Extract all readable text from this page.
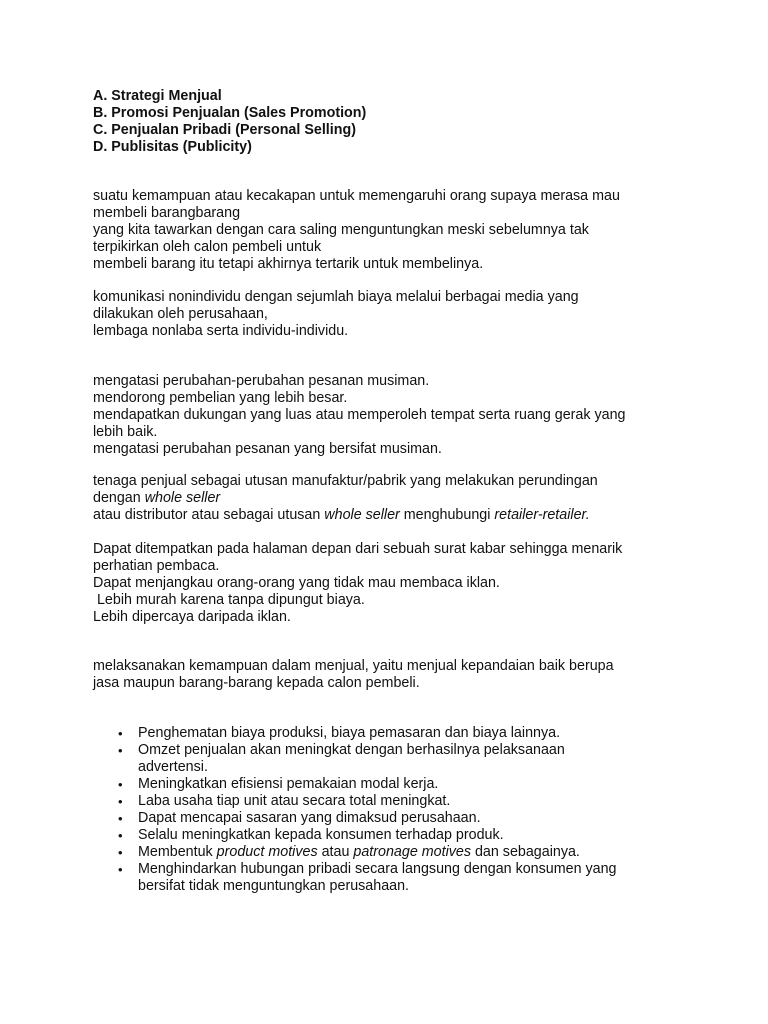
A. Strategi Menjual
B. Promosi Penjualan (Sales Promotion)
C. Penjualan Pribadi (Personal Selling)
D. Publisitas (Publicity)
suatu kemampuan atau kecakapan untuk memengaruhi orang supaya merasa mau
membeli barangbarang
yang kita tawarkan dengan cara saling menguntungkan meski sebelumnya tak
terpikirkan oleh calon pembeli untuk
membeli barang itu tetapi akhirnya tertarik untuk membelinya.
komunikasi nonindividu dengan sejumlah biaya melalui berbagai media yang
dilakukan oleh perusahaan,
lembaga nonlaba serta individu-individu.
mengatasi perubahan-perubahan pesanan musiman.
mendorong pembelian yang lebih besar.
mendapatkan dukungan yang luas atau memperoleh tempat serta ruang gerak yang
lebih baik.
mengatasi perubahan pesanan yang bersifat musiman.
tenaga penjual sebagai utusan manufaktur/pabrik yang melakukan perundingan
dengan whole seller
atau distributor atau sebagai utusan whole seller menghubungi retailer-retailer.
Dapat ditempatkan pada halaman depan dari sebuah surat kabar sehingga menarik
perhatian pembaca.
Dapat menjangkau orang-orang yang tidak mau membaca iklan.
Lebih murah karena tanpa dipungut biaya.
Lebih dipercaya daripada iklan.
melaksanakan kemampuan dalam menjual, yaitu menjual kepandaian baik berupa
jasa maupun barang-barang kepada calon pembeli.
• Penghematan biaya produksi, biaya pemasaran dan biaya lainnya.
• Omzet penjualan akan meningkat dengan berhasilnya pelaksanaan
advertensi.
• Meningkatkan efisiensi pemakaian modal kerja.
• Laba usaha tiap unit atau secara total meningkat.
• Dapat mencapai sasaran yang dimaksud perusahaan.
• Selalu meningkatkan kepada konsumen terhadap produk.
• Membentuk product motives atau patronage motives dan sebagainya.
• Menghindarkan hubungan pribadi secara langsung dengan konsumen yang
bersifat tidak menguntungkan perusahaan.
